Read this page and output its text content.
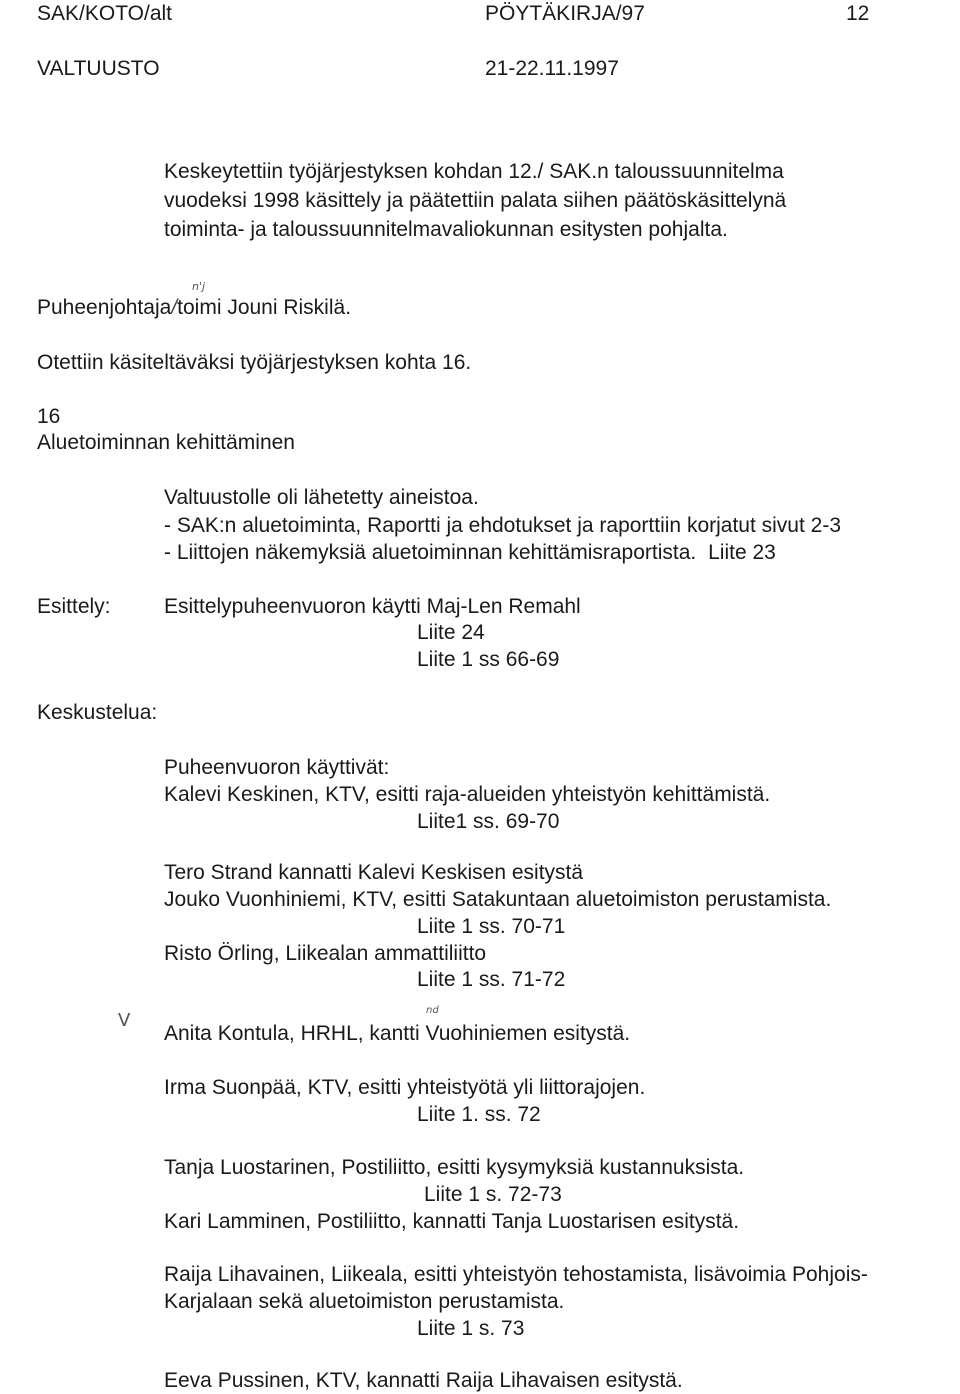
SAK/KOTO/alt	PÖYTÄKIRJA/97	12
VALTUUSTO	21-22.11.1997
Keskeytettiin työjärjestyksen kohdan 12./ SAK.n taloussuunnitelma
vuodeksi 1998 käsittely ja päätettiin palata siihen päätöskäsittelynä
toiminta- ja taloussuunnitelmavaliokunnan esitysten pohjalta.
Puheenjohtaja/toimi Jouni Riskilä.
n'j
Otettiin käsiteltäväksi työjärjestyksen kohta 16.
16
Aluetoiminnan kehittäminen
Valtuustolle oli lähetetty aineistoa.
- SAK:n aluetoiminta, Raportti ja ehdotukset ja raporttiin korjatut sivut 2-3
- Liittojen näkemyksiä aluetoiminnan kehittämisraportista. Liite 23
Esittely:	Esittelypuheenvuoron käytti Maj-Len Remahl
Liite 24
Liite 1 ss 66-69
Keskustelua:
Puheenvuoron käyttivät:
Kalevi Keskinen, KTV, esitti raja-alueiden yhteistyön kehittämistä.
Liite1 ss. 69-70
Tero Strand kannatti Kalevi Keskisen esitystä
Jouko Vuonhiniemi, KTV, esitti Satakuntaan aluetoimiston perustamista.
Liite 1 ss. 70-71
Risto Örling, Liikealan ammattiliitto
Liite 1 ss. 71-72
V	nd
Anita Kontula, HRHL, kantti Vuohiniemen esitystä.
Irma Suonpää, KTV, esitti yhteistyötä yli liittorajojen.
Liite 1. ss. 72
Tanja Luostarinen, Postiliitto, esitti kysymyksiä kustannuksista.
Liite 1 s. 72-73
Kari Lamminen, Postiliitto, kannatti Tanja Luostarisen esitystä.
Raija Lihavainen, Liikeala, esitti yhteistyön tehostamista, lisävoimia Pohjois-
Karjalaan sekä aluetoimiston perustamista.
Liite 1 s. 73
Eeva Pussinen, KTV, kannatti Raija Lihavaisen esitystä.
